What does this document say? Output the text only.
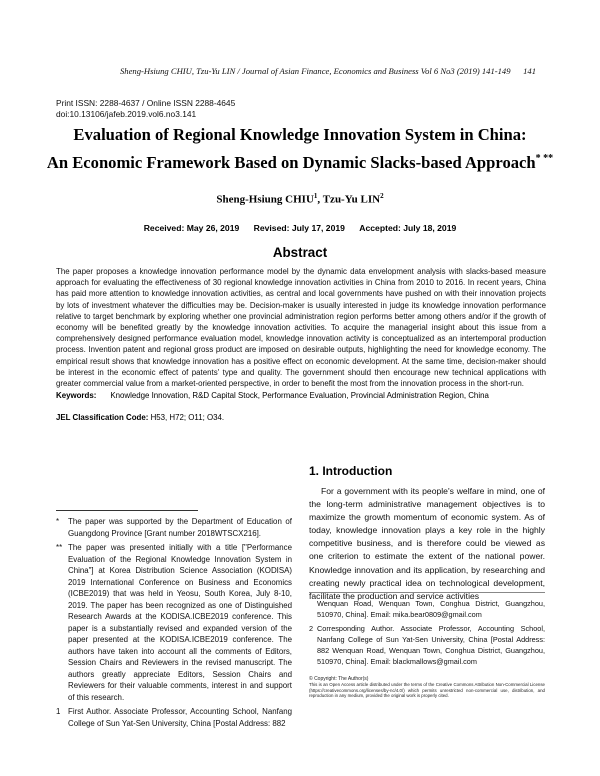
Sheng-Hsiung CHIU, Tzu-Yu LIN / Journal of Asian Finance, Economics and Business Vol 6 No3 (2019) 141-149 141
Print ISSN: 2288-4637 / Online ISSN 2288-4645
doi:10.13106/jafeb.2019.vol6.no3.141
Evaluation of Regional Knowledge Innovation System in China:
An Economic Framework Based on Dynamic Slacks-based Approach* **
Sheng-Hsiung CHIU$^1$, Tzu-Yu LIN$^2$
Received: May 26, 2019 Revised: July 17, 2019 Accepted: July 18, 2019
Abstract
The paper proposes a knowledge innovation performance model by the dynamic data envelopment analysis with slacks-based measure approach for evaluating the effectiveness of 30 regional knowledge innovation activities in China from 2010 to 2016. In recent years, China has paid more attention to knowledge innovation activities, as central and local governments have pushed on with their innovation projects by lots of investment whatever the difficulties may be. Decision-maker is usually interested in judge its knowledge innovation performance relative to target benchmark by exploring whether one provincial administration region performs better among others and/or if the growth of economy will be benefited greatly by the knowledge innovation activities. To acquire the managerial insight about this issue from a comprehensively designed performance evaluation model, knowledge innovation activity is conceptualized as an intertemporal production process. Invention patent and regional gross product are imposed on desirable outputs, highlighting the need for knowledge economy. The empirical result shows that knowledge innovation has a positive effect on economic development. At the same time, decision-maker should be interest in the economic effect of patents' type and quality. The government should then encourage new technical applications with greater commercial value from a market-oriented perspective, in order to benefit the most from the innovation process in the short-run.
Keywords: Knowledge Innovation, R&D Capital Stock, Performance Evaluation, Provincial Administration Region, China
JEL Classification Code: H53, H72; O11; O34.
* The paper was supported by the Department of Education of Guangdong Province [Grant number 2018WTSCX216].
** The paper was presented initially with a title ["Performance Evaluation of the Regional Knowledge Innovation System in China"] at Korea Distribution Science Association (KODISA) 2019 International Conference on Business and Economics (ICBE2019) that was held in Yeosu, South Korea, July 8-10, 2019. The paper has been recognized as one of Distinguished Research Awards at the KODISA.ICBE2019 conference. This paper is a substantially revised and expanded version of the paper presented at the KODISA.ICBE2019 conference. The authors have taken into account all the comments of Editors, Session Chairs and Reviewers in the revised manuscript. The authors greatly appreciate Editors, Session Chairs and Reviewers for their valuable comments, interest in and support of this research.
1 First Author. Associate Professor, Accounting School, Nanfang College of Sun Yat-Sen University, China [Postal Address: 882
1. Introduction
For a government with its people's welfare in mind, one of the long-term administrative management objectives is to maximize the growth momentum of economic system. As of today, knowledge innovation plays a key role in the highly competitive business, and is therefore could be viewed as one criterion to estimate the extent of the national power. Knowledge innovation and its application, by researching and creating newly practical idea on technological development, facilitate the production and service activities
Wenquan Road, Wenquan Town, Conghua District, Guangzhou, 510970, China]. Email: mika.bear0809@gmail.com
2 Corresponding Author. Associate Professor, Accounting School, Nanfang College of Sun Yat-Sen University, China [Postal Address: 882 Wenquan Road, Wenquan Town, Conghua District, Guangzhou, 510970, China]. Email: blackmallows@gmail.com
© Copyright: The Author(s)
This is an Open Access article distributed under the terms of the Creative Commons Attribution Non-Commercial License (https://creativecommons.org/licenses/by-nc/4.0/) which permits unrestricted non-commercial use, distribution, and reproduction in any medium, provided the original work is properly cited.
